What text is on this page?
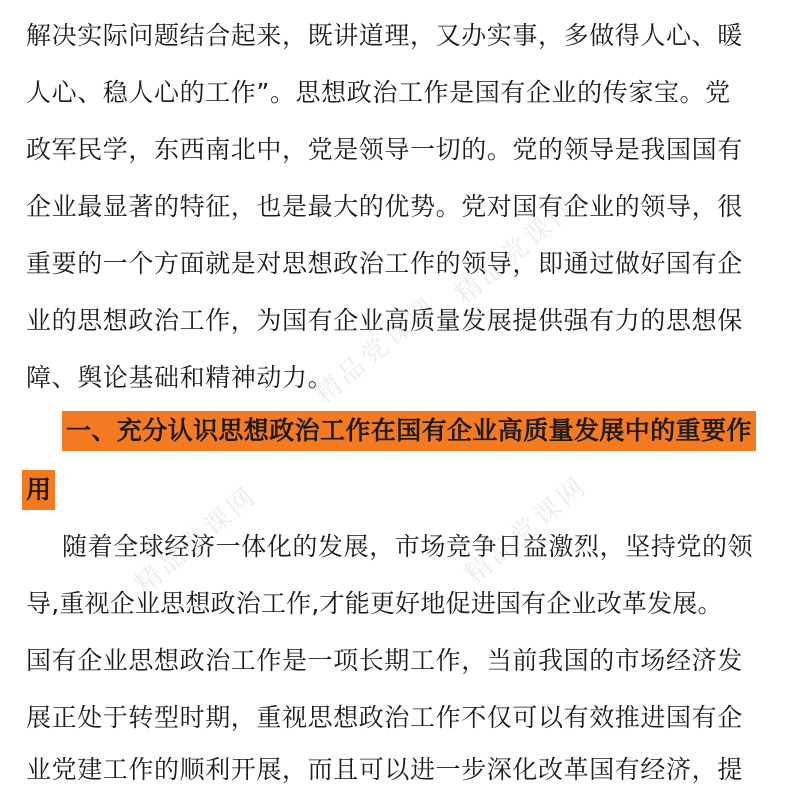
精品党课网
精品党课网
精品党课网	精品党课网
解决实际问题结合起来，既讲道理，又办实事，多做得人心、暖
人心、稳人心的工作”。思想政治工作是国有企业的传家宝。党
政军民学，东西南北中，党是领导一切的。党的领导是我国国有
企业最显著的特征，也是最大的优势。党对国有企业的领导，很
重要的一个方面就是对思想政治工作的领导，即通过做好国有企
业的思想政治工作，为国有企业高质量发展提供强有力的思想保
障、舆论基础和精神动力。
一、充分认识思想政治工作在国有企业高质量发展中的重要作
用
随着全球经济一体化的发展，市场竞争日益激烈，坚持党的领
导,重视企业思想政治工作,才能更好地促进国有企业改革发展。
国有企业思想政治工作是一项长期工作，当前我国的市场经济发
展正处于转型时期，重视思想政治工作不仅可以有效推进国有企
业党建工作的顺利开展，而且可以进一步深化改革国有经济，提
